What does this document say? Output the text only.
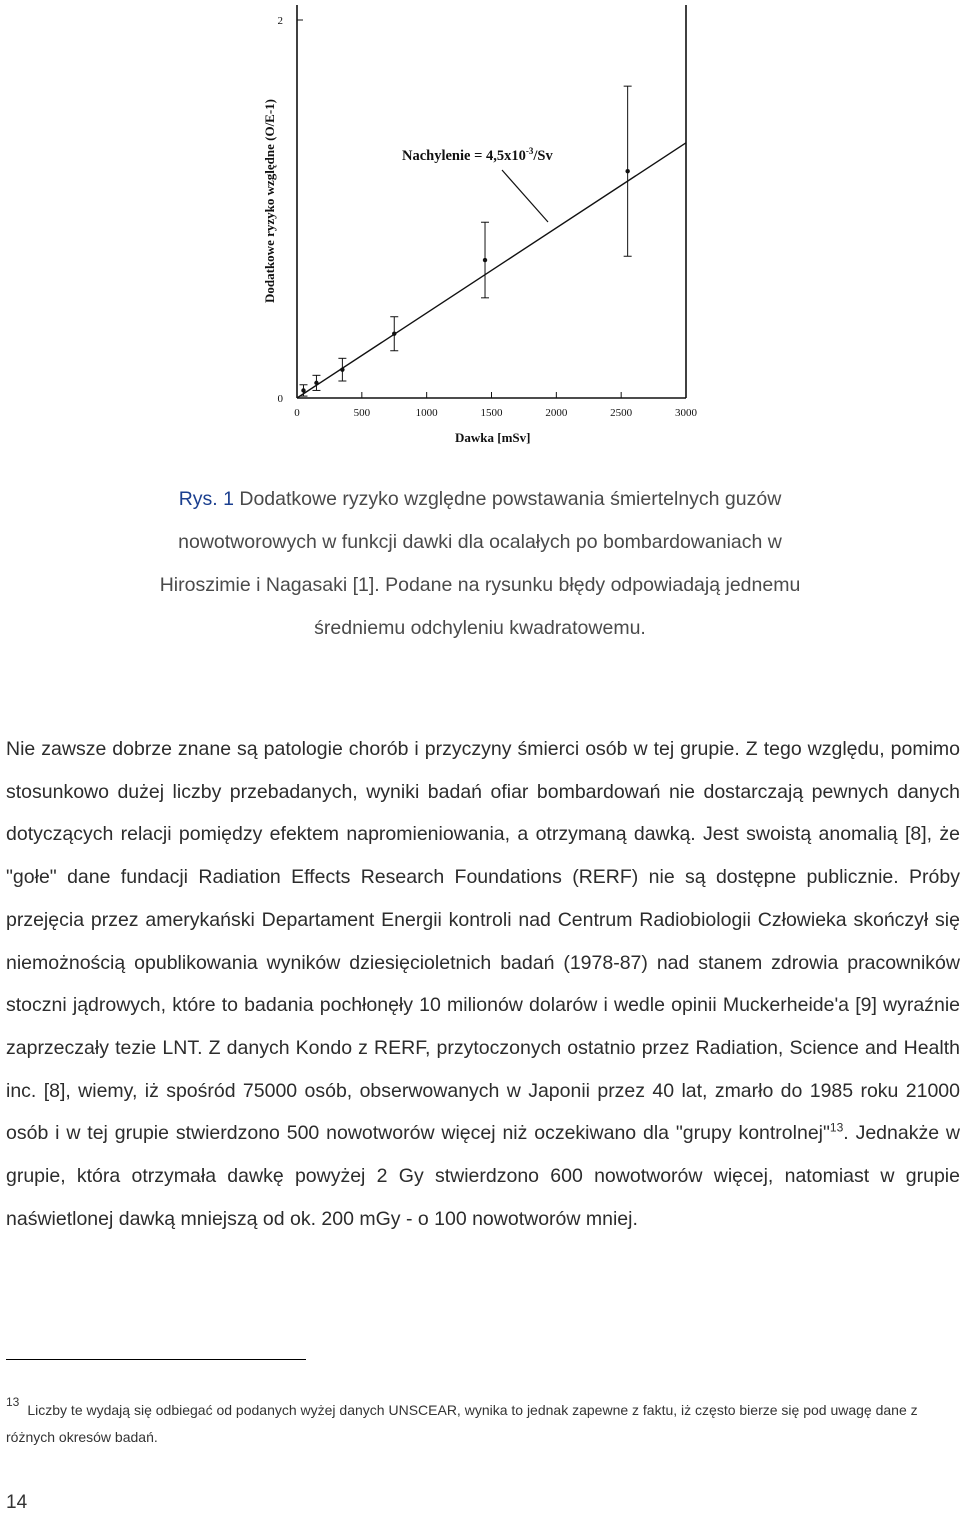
0	500	1000	1500	2000	2500	3000
0
2
Nachylenie = $4,5x10^{-3}/Sv$
Dodatkowe ryzyko względne (O/E-1)
Dawka [mSv]
Rys. 1 Dodatkowe ryzyko względne powstawania śmiertelnych guzów nowotworowych w funkcji dawki dla ocalałych po bombardowaniach w Hiroszimie i Nagasaki [1]. Podane na rysunku błędy odpowiadają jednemu średniemu odchyleniu kwadratowemu.
Nie zawsze dobrze znane są patologie chorób i przyczyny śmierci osób w tej grupie. Z tego względu, pomimo stosunkowo dużej liczby przebadanych, wyniki badań ofiar bombardowań nie dostarczają pewnych danych dotyczących relacji pomiędzy efektem napromieniowania, a otrzymaną dawką. Jest swoistą anomalią [8], że "gołe" dane fundacji Radiation Effects Research Foundations (RERF) nie są dostępne publicznie. Próby przejęcia przez amerykański Departament Energii kontroli nad Centrum Radiobiologii Człowieka skończył się niemożnością opublikowania wyników dziesięcioletnich badań (1978-87) nad stanem zdrowia pracowników stoczni jądrowych, które to badania pochłonęły 10 milionów dolarów i wedle opinii Muckerheide'a [9] wyraźnie zaprzeczały tezie LNT. Z danych Kondo z RERF, przytoczonych ostatnio przez Radiation, Science and Health inc. [8], wiemy, iż spośród 75000 osób, obserwowanych w Japonii przez 40 lat, zmarło do 1985 roku 21000 osób i w tej grupie stwierdzono 500 nowotworów więcej niż oczekiwano dla "grupy kontrolnej"$^{13}$. Jednakże w grupie, która otrzymała dawkę powyżej 2 Gy stwierdzono 600 nowotworów więcej, natomiast w grupie naświetlonej dawką mniejszą od ok. 200 mGy - o 100 nowotworów mniej.
$^{13}$ Liczby te wydają się odbiegać od podanych wyżej danych UNSCEAR, wynika to jednak zapewne z faktu, iż często bierze się pod uwagę dane z różnych okresów badań.
14
